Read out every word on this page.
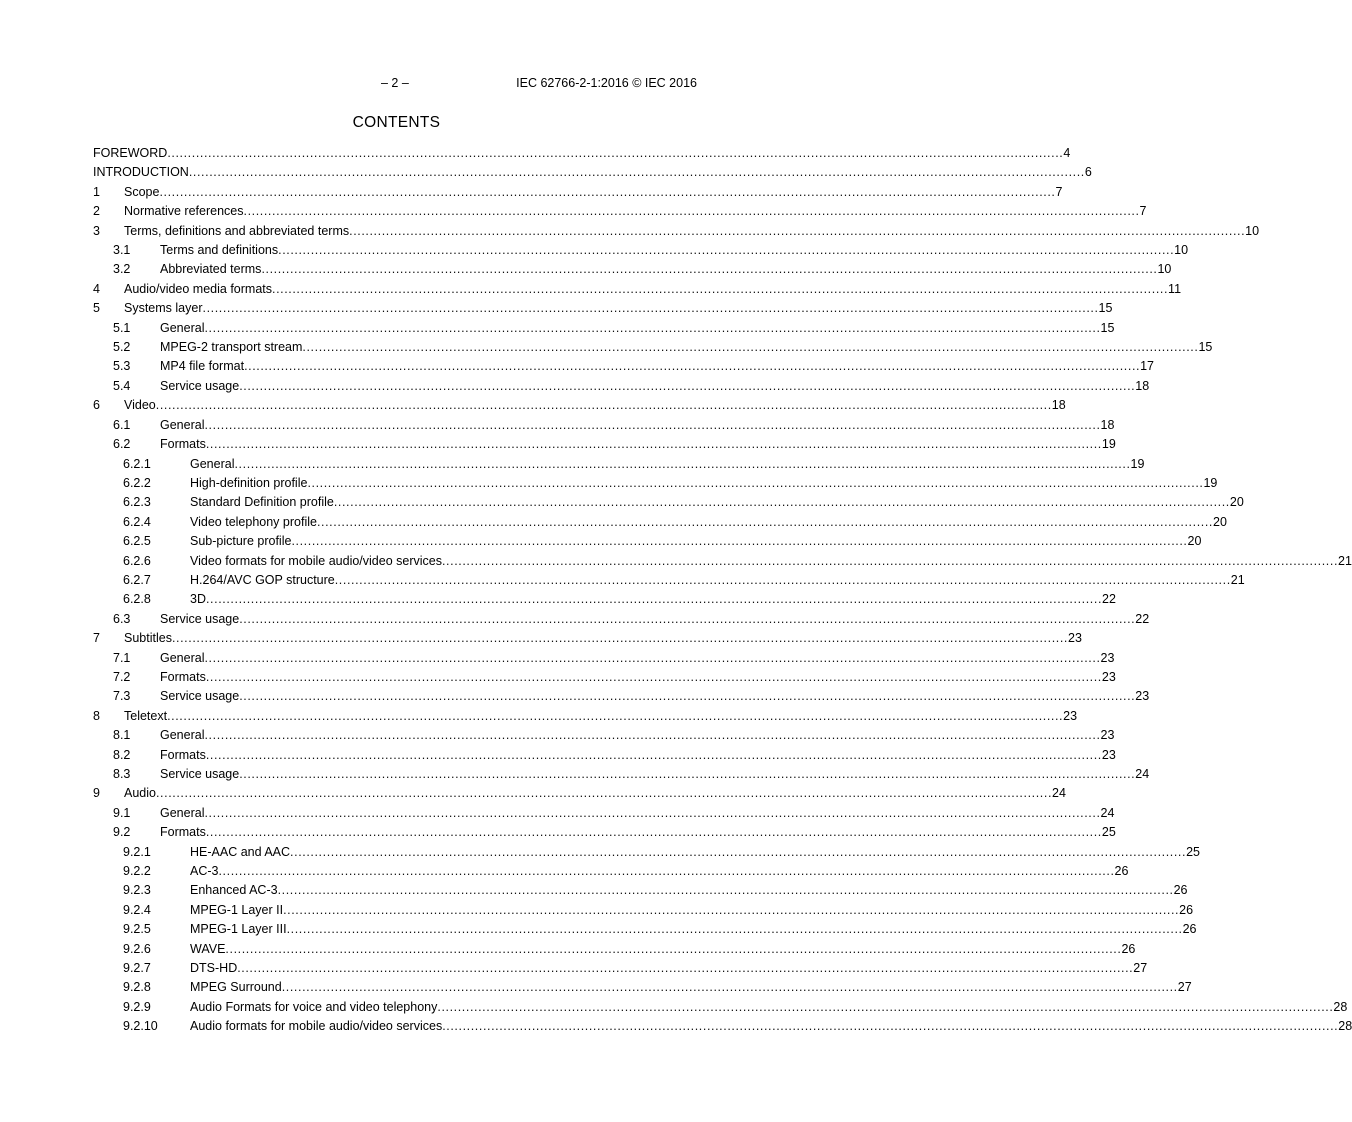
– 2 –	IEC 62766-2-1:2016 © IEC 2016
CONTENTS
FOREWORD ............................................................................................................................................................................................................................ 4
INTRODUCTION ............................................................................................................................................................................................................................ 6
1 Scope ............................................................................................................................................................................................................................ 7
2 Normative references ............................................................................................................................................................................................................................ 7
3 Terms, definitions and abbreviated terms ............................................................................................................................................................................................................................ 10
3.1 Terms and definitions ............................................................................................................................................................................................................................ 10
3.2 Abbreviated terms ............................................................................................................................................................................................................................ 10
4 Audio/video media formats ............................................................................................................................................................................................................................ 11
5 Systems layer ............................................................................................................................................................................................................................ 15
5.1 General ............................................................................................................................................................................................................................ 15
5.2 MPEG-2 transport stream ............................................................................................................................................................................................................................ 15
5.3 MP4 file format ............................................................................................................................................................................................................................ 17
5.4 Service usage ............................................................................................................................................................................................................................ 18
6 Video ............................................................................................................................................................................................................................ 18
6.1 General ............................................................................................................................................................................................................................ 18
6.2 Formats ............................................................................................................................................................................................................................ 19
6.2.1	General ............................................................................................................................................................................................................................ 19
6.2.2	High-definition profile ............................................................................................................................................................................................................................ 19
6.2.3	Standard Definition profile ............................................................................................................................................................................................................................ 20
6.2.4	Video telephony profile ............................................................................................................................................................................................................................ 20
6.2.5	Sub-picture profile ............................................................................................................................................................................................................................ 20
6.2.6	Video formats for mobile audio/video services ............................................................................................................................................................................................................................ 21
6.2.7	H.264/AVC GOP structure ............................................................................................................................................................................................................................ 21
6.2.8	3D ............................................................................................................................................................................................................................ 22
6.3 Service usage ............................................................................................................................................................................................................................ 22
7 Subtitles ............................................................................................................................................................................................................................ 23
7.1 General ............................................................................................................................................................................................................................ 23
7.2 Formats ............................................................................................................................................................................................................................ 23
7.3 Service usage ............................................................................................................................................................................................................................ 23
8 Teletext ............................................................................................................................................................................................................................ 23
8.1 General ............................................................................................................................................................................................................................ 23
8.2 Formats ............................................................................................................................................................................................................................ 23
8.3 Service usage ............................................................................................................................................................................................................................ 24
9 Audio ............................................................................................................................................................................................................................ 24
9.1 General ............................................................................................................................................................................................................................ 24
9.2 Formats ............................................................................................................................................................................................................................ 25
9.2.1	HE-AAC and AAC ............................................................................................................................................................................................................................ 25
9.2.2	AC-3 ............................................................................................................................................................................................................................ 26
9.2.3	Enhanced AC-3 ............................................................................................................................................................................................................................ 26
9.2.4	MPEG-1 Layer II ............................................................................................................................................................................................................................ 26
9.2.5	MPEG-1 Layer III ............................................................................................................................................................................................................................ 26
9.2.6	WAVE ............................................................................................................................................................................................................................ 26
9.2.7	DTS-HD ............................................................................................................................................................................................................................ 27
9.2.8	MPEG Surround ............................................................................................................................................................................................................................ 27
9.2.9	Audio Formats for voice and video telephony ............................................................................................................................................................................................................................ 28
9.2.10	Audio formats for mobile audio/video services ............................................................................................................................................................................................................................ 28
